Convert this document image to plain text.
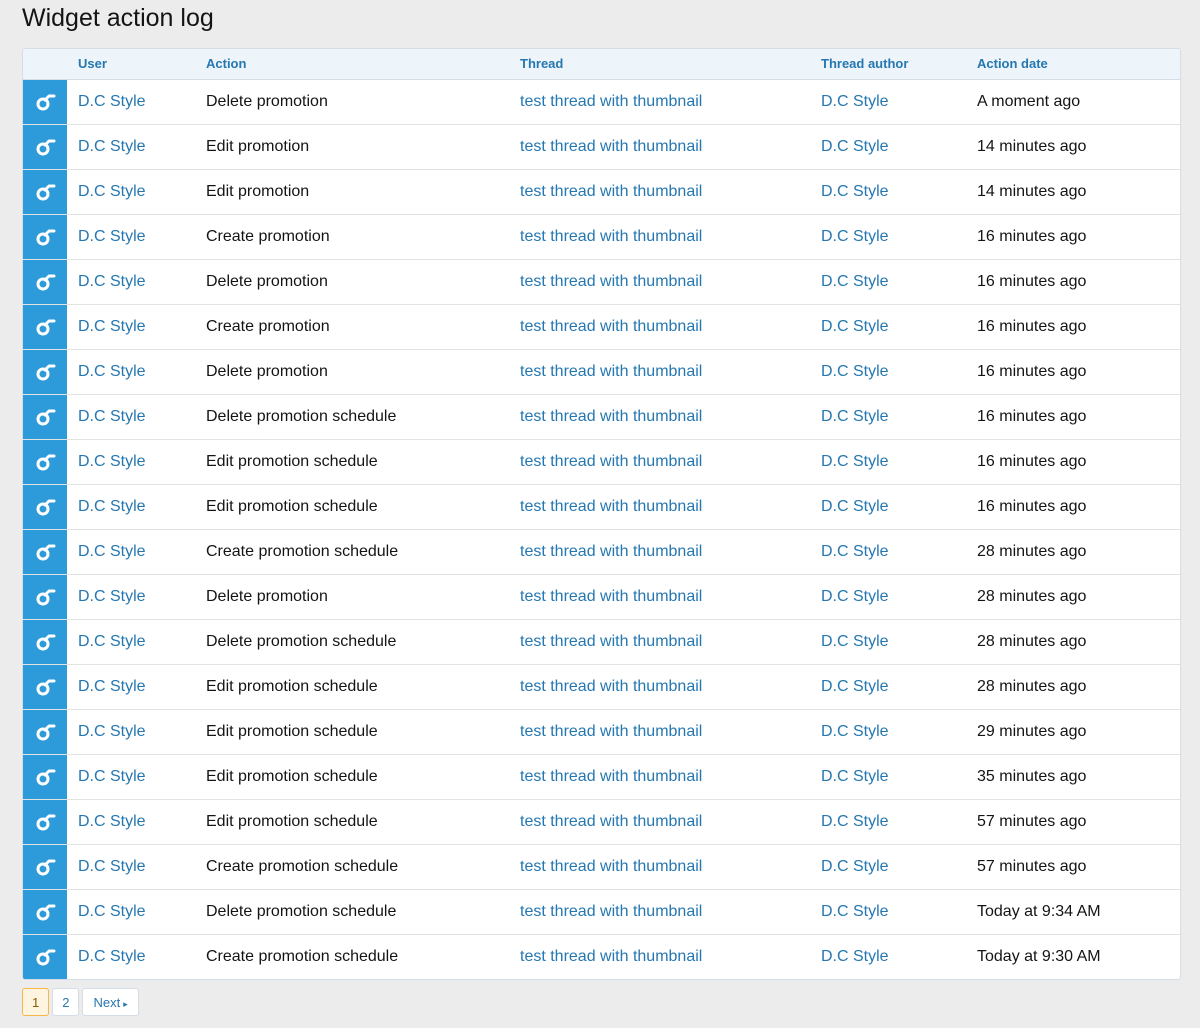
Widget action log
User	Action	Thread	Thread author	Action date
D.C Style	Delete promotion	test thread with thumbnail	D.C Style	A moment ago
D.C Style	Edit promotion	test thread with thumbnail	D.C Style	14 minutes ago
D.C Style	Edit promotion	test thread with thumbnail	D.C Style	14 minutes ago
D.C Style	Create promotion	test thread with thumbnail	D.C Style	16 minutes ago
D.C Style	Delete promotion	test thread with thumbnail	D.C Style	16 minutes ago
D.C Style	Create promotion	test thread with thumbnail	D.C Style	16 minutes ago
D.C Style	Delete promotion	test thread with thumbnail	D.C Style	16 minutes ago
D.C Style	Delete promotion schedule	test thread with thumbnail	D.C Style	16 minutes ago
D.C Style	Edit promotion schedule	test thread with thumbnail	D.C Style	16 minutes ago
D.C Style	Edit promotion schedule	test thread with thumbnail	D.C Style	16 minutes ago
D.C Style	Create promotion schedule	test thread with thumbnail	D.C Style	28 minutes ago
D.C Style	Delete promotion	test thread with thumbnail	D.C Style	28 minutes ago
D.C Style	Delete promotion schedule	test thread with thumbnail	D.C Style	28 minutes ago
D.C Style	Edit promotion schedule	test thread with thumbnail	D.C Style	28 minutes ago
D.C Style	Edit promotion schedule	test thread with thumbnail	D.C Style	29 minutes ago
D.C Style	Edit promotion schedule	test thread with thumbnail	D.C Style	35 minutes ago
D.C Style	Edit promotion schedule	test thread with thumbnail	D.C Style	57 minutes ago
D.C Style	Create promotion schedule	test thread with thumbnail	D.C Style	57 minutes ago
D.C Style	Delete promotion schedule	test thread with thumbnail	D.C Style	Today at 9:34 AM
D.C Style	Create promotion schedule	test thread with thumbnail	D.C Style	Today at 9:30 AM
1	2	Next ▸
